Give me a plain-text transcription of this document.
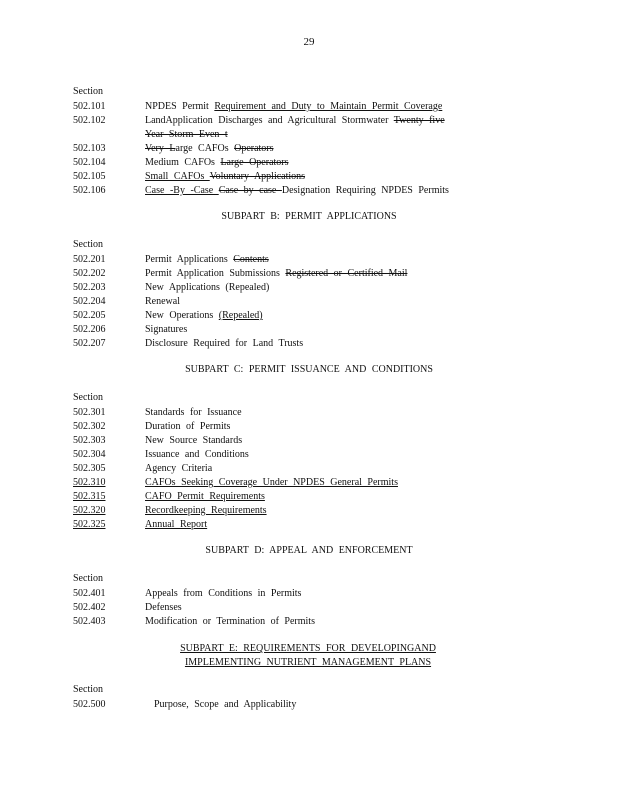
29
Section
502.101	NPDES Permit Requirement and Duty to Maintain Permit Coverage
502.102	LandApplication Discharges and Agricultural Stormwater Twenty five
Year Storm Even t
502.103	Very Large CAFOs Operators
502.104	Medium CAFOs Large Operators
502.105	Small CAFOs Voluntary Applications
502.106	Case -By -Case Case by case Designation Requiring NPDES Permits
SUBPART B: PERMIT APPLICATIONS
Section
502.201	Permit Applications Contents
502.202	Permit Application Submissions Registered or Certified Mail
502.203	New Applications (Repealed)
502.204	Renewal
502.205	New Operations (Repealed)
502.206	Signatures
502.207	Disclosure Required for Land Trusts
SUBPART C: PERMIT ISSUANCE AND CONDITIONS
Section
502.301	Standards for Issuance
502.302	Duration of Permits
502.303	New Source Standards
502.304	Issuance and Conditions
502.305	Agency Criteria
502.310	CAFOs Seeking Coverage Under NPDES General Permits
502.315	CAFO Permit Requirements
502.320	Recordkeeping Requirements
502.325	Annual Report
SUBPART D: APPEAL AND ENFORCEMENT
Section
502.401	Appeals from Conditions in Permits
502.402	Defenses
502.403	Modification or Termination of Permits
SUBPART E: REQUIREMENTS FOR DEVELOPINGAND
IMPLEMENTING NUTRIENT MANAGEMENT PLANS
Section
502.500	Purpose, Scope and Applicability
